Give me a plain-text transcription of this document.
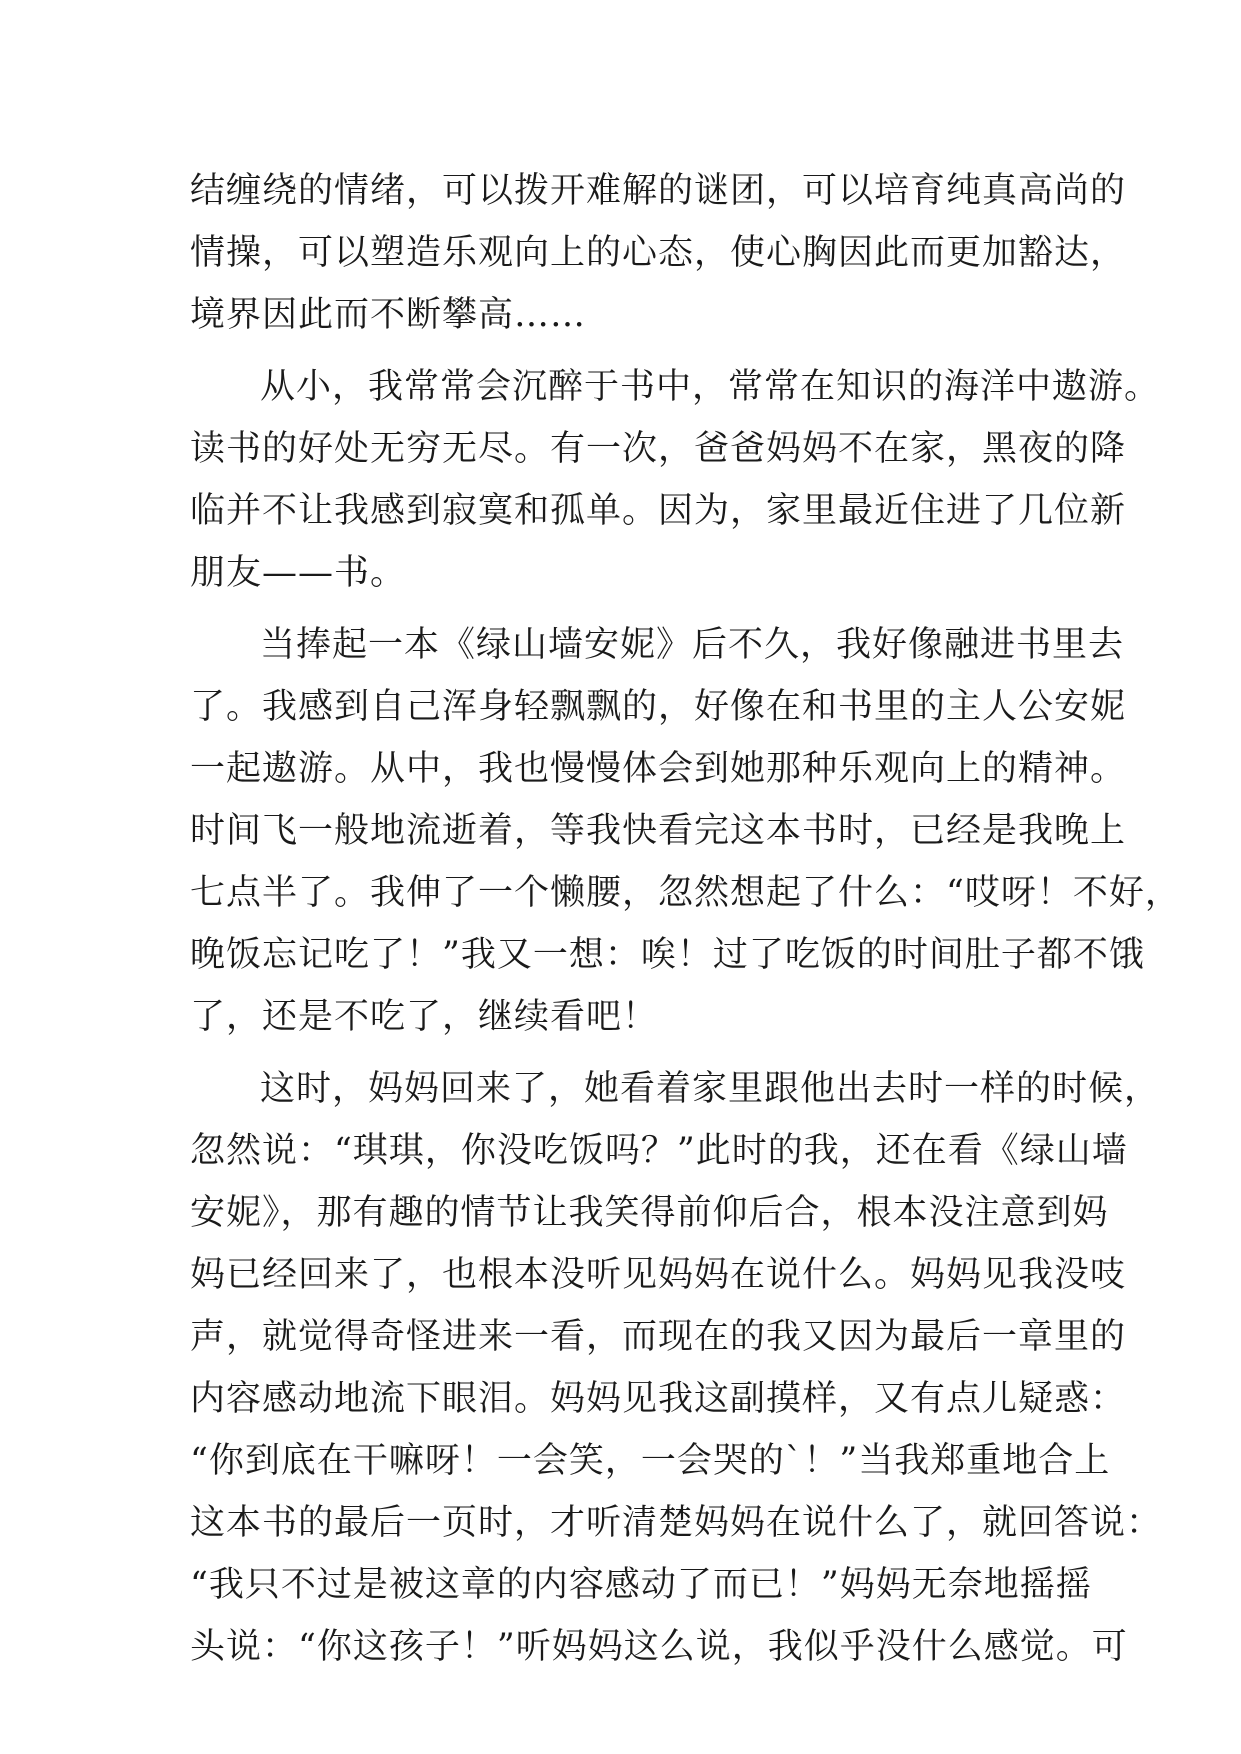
结缠绕的情绪，可以拨开难解的谜团，可以培育纯真高尚的
情操，可以塑造乐观向上的心态，使心胸因此而更加豁达，
境界因此而不断攀高……
从小，我常常会沉醉于书中，常常在知识的海洋中遨游。
读书的好处无穷无尽。有一次，爸爸妈妈不在家，黑夜的降
临并不让我感到寂寞和孤单。因为，家里最近住进了几位新
朋友——书。
当捧起一本《绿山墙安妮》后不久，我好像融进书里去
了。我感到自己浑身轻飘飘的，好像在和书里的主人公安妮
一起遨游。从中，我也慢慢体会到她那种乐观向上的精神。
时间飞一般地流逝着，等我快看完这本书时，已经是我晚上
七点半了。我伸了一个懒腰，忽然想起了什么：“哎呀！不好，
晚饭忘记吃了！”我又一想：唉！过了吃饭的时间肚子都不饿
了，还是不吃了，继续看吧！
这时，妈妈回来了，她看着家里跟他出去时一样的时候，
忽然说：“琪琪，你没吃饭吗？”此时的我，还在看《绿山墙
安妮》，那有趣的情节让我笑得前仰后合，根本没注意到妈
妈已经回来了，也根本没听见妈妈在说什么。妈妈见我没吱
声，就觉得奇怪进来一看，而现在的我又因为最后一章里的
内容感动地流下眼泪。妈妈见我这副摸样，又有点儿疑惑：
“你到底在干嘛呀！一会笑，一会哭的`！”当我郑重地合上
这本书的最后一页时，才听清楚妈妈在说什么了，就回答说：
“我只不过是被这章的内容感动了而已！”妈妈无奈地摇摇
头说：“你这孩子！”听妈妈这么说，我似乎没什么感觉。可
